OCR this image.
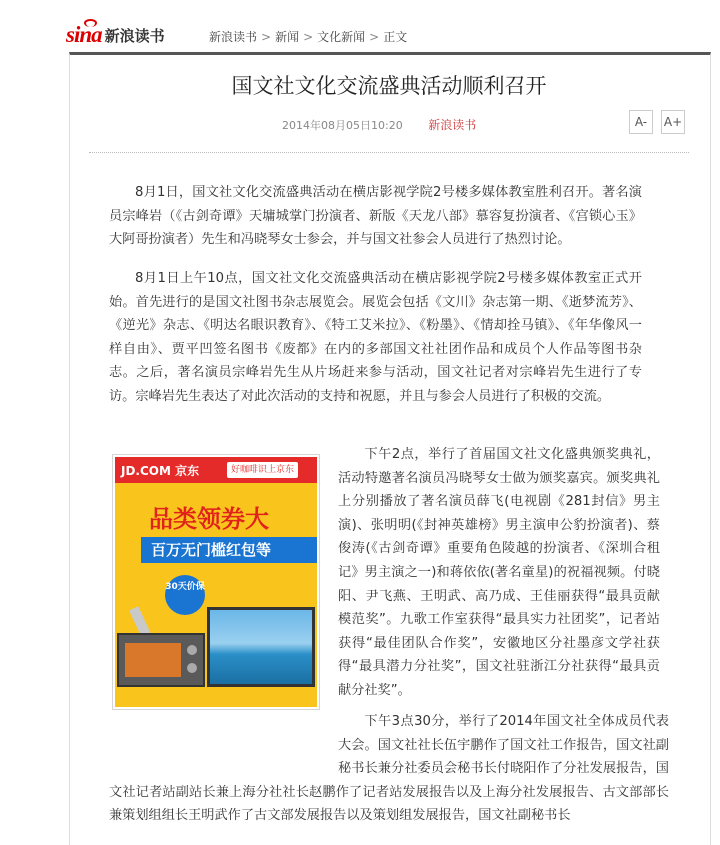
sina 新浪读书	新浪读书 > 新闻 > 文化新闻 > 正文
国文社文化交流盛典活动顺利召开
2014年08月05日10:20 新浪读书	A-	A+

8月1日，国文社文化交流盛典活动在横店影视学院2号楼多媒体教室胜利召开。著名演员宗峰岩（《古剑奇谭》天墉城掌门扮演者、新版《天龙八部》慕容复扮演者、《宫锁心玉》大阿哥扮演者）先生和冯晓琴女士参会，并与国文社参会人员进行了热烈讨论。

8月1日上午10点，国文社文化交流盛典活动在横店影视学院2号楼多媒体教室正式开始。首先进行的是国文社图书杂志展览会。展览会包括《文川》杂志第一期、《逝梦流芳》、《逆光》杂志、《明达名眼识教育》、《特工艾米拉》、《粉墨》、《情却拴马镇》、《年华像风一样自由》、贾平凹签名图书《废都》在内的多部国文社社团作品和成员个人作品等图书杂志。之后，著名演员宗峰岩先生从片场赶来参与活动，国文社记者对宗峰岩先生进行了专访。宗峰岩先生表达了对此次活动的支持和祝愿，并且与参会人员进行了积极的交流。

JD.COM 京东	好咖啡识上京东
品类领券大
百万无门槛红包等
30天价保

下午2点，举行了首届国文社文化盛典颁奖典礼，活动特邀著名演员冯晓琴女士做为颁奖嘉宾。颁奖典礼上分别播放了著名演员薛飞(电视剧《281封信》男主演)、张明明(《封神英雄榜》男主演申公豹扮演者)、蔡俊涛(《古剑奇谭》重要角色陵越的扮演者、《深圳合租记》男主演之一)和蒋依依(著名童星)的祝福视频。付晓阳、尹飞燕、王明武、高乃成、王佳丽获得“最具贡献模范奖”。九歌工作室获得“最具实力社团奖”，记者站获得“最佳团队合作奖”，安徽地区分社墨彦文学社获得“最具潜力分社奖”，国文社驻浙江分社获得“最具贡献分社奖”。

下午3点30分，举行了2014年国文社全体成员代表大会。国文社社长伍宇鹏作了国文社工作报告，国文社副秘书长兼分社委员会秘书长付晓阳作了分社发展报告，国文社记者站副站长兼上海分社社长赵鹏作了记者站发展报告以及上海分社发展报告、古文部部长兼策划组组长王明武作了古文部发展报告以及策划组发展报告，国文社副秘书长
